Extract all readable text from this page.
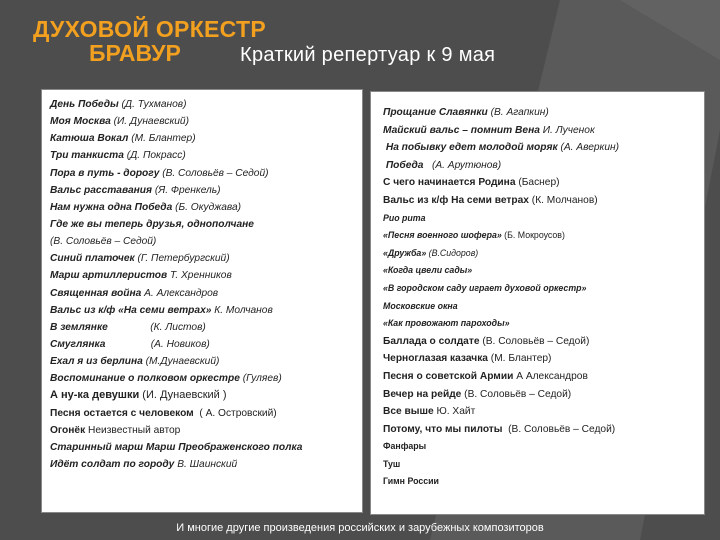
ДУХОВОЙ ОРКЕСТР
БРАВУР	Краткий репертуар к 9 мая
День Победы (Д. Тухманов)
Моя Москва (И. Дунаевский)
Катюша Вокал (М. Блантер)
Три танкиста (Д. Покрасс)
Пора в путь - дорогу (В. Соловьёв – Седой)
Вальс расставания (Я. Френкель)
Нам нужна одна Победа (Б. Окуджава)
Где же вы теперь друзья, однополчане
(В. Соловьёв – Седой)
Синий платочек (Г. Петербургский)
Марш артиллеристов Т. Хренников
Священная война А. Александров
Вальс из к/ф «На семи ветрах» К. Молчанов
В землянке               (К. Листов)
Смуглянка                (А. Новиков)
Ехал я из берлина (М.Дунаевский)
Воспоминание о полковом оркестре (Гуляев)
А ну-ка девушки (И. Дунаевский )
Песня остается с человеком  ( А. Островский)
Огонёк Неизвестный автор
Старинный марш Марш Преображенского полка
Идёт солдат по городу В. Шаинский
Прощание Славянки (В. Агапкин)
Майский вальс – помнит Вена И. Лученок
На побывку едет молодой моряк (А. Аверкин)
Победа   (А. Арутюнов)
С чего начинается Родина (Баснер)
Вальс из к/ф На семи ветрах (К. Молчанов)
Рио рита
«Песня военного шофера» (Б. Мокроусов)
«Дружба» (В.Сидоров)
«Когда цвели сады»
«В городском саду играет духовой оркестр»
Московские окна
«Как провожают пароходы»
Баллада о солдате (В. Соловьёв – Седой)
Черноглазая казачка (М. Блантер)
Песня о советской Армии А Александров
Вечер на рейде (В. Соловьёв – Седой)
Все выше Ю. Хайт
Потому, что мы пилоты  (В. Соловьёв – Седой)
Фанфары
Туш
Гимн России
И многие другие произведения российских и зарубежных композиторов
